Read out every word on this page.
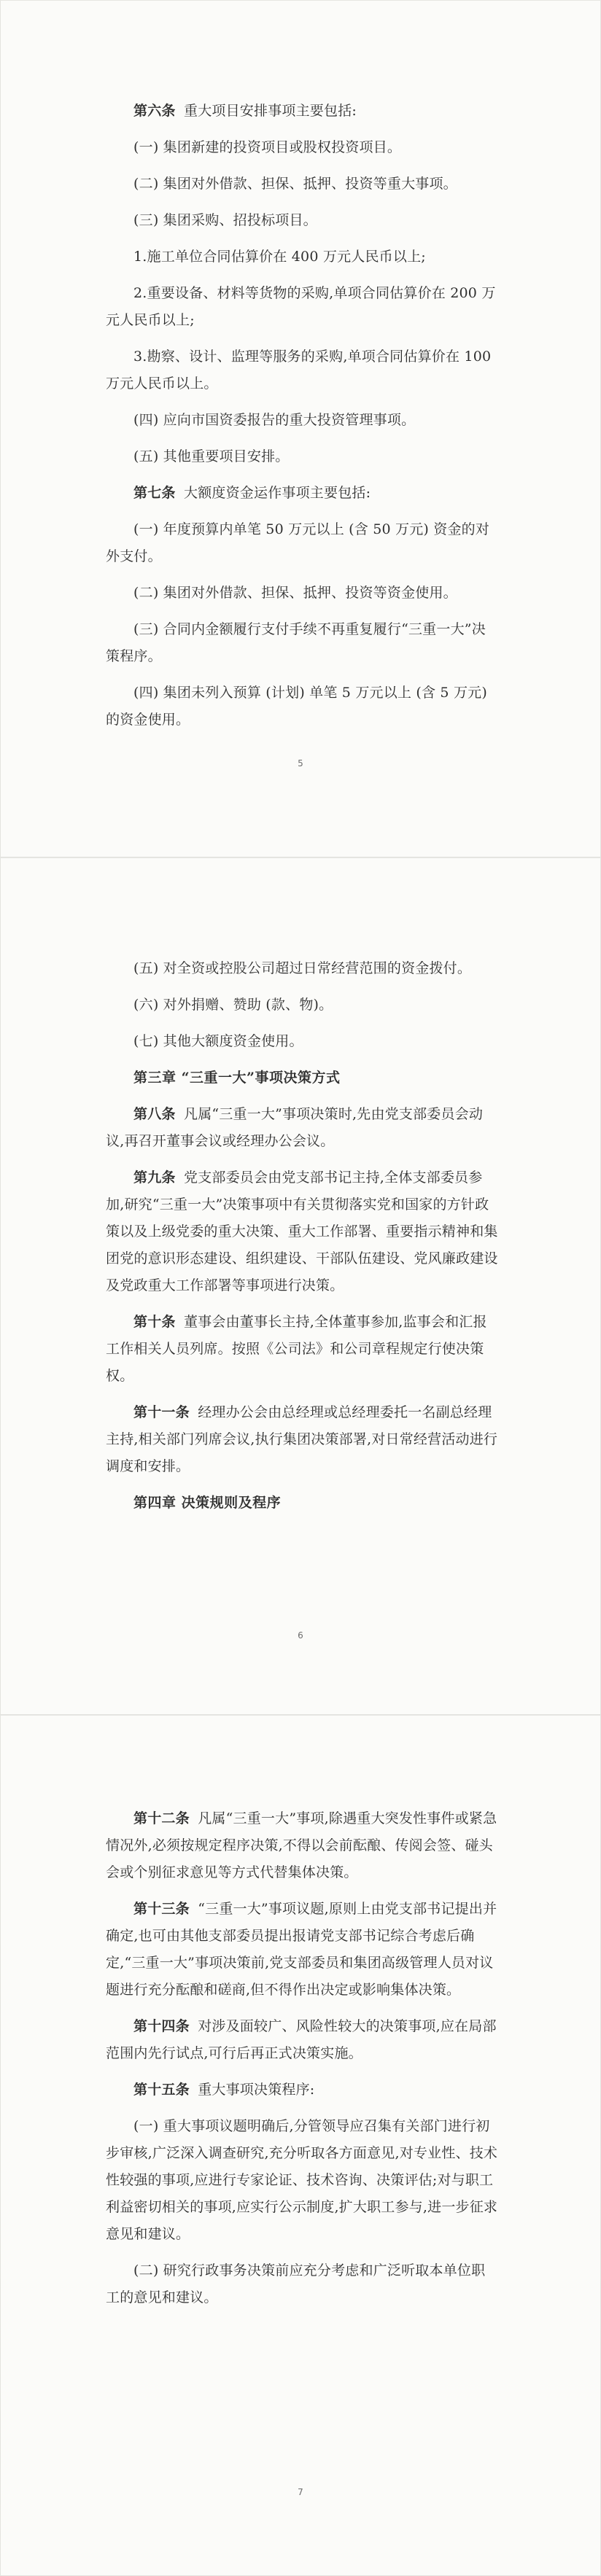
第六条 重大项目安排事项主要包括:

(一) 集团新建的投资项目或股权投资项目。

(二) 集团对外借款、担保、抵押、投资等重大事项。

(三) 集团采购、招投标项目。

1.施工单位合同估算价在 400 万元人民币以上;

2.重要设备、材料等货物的采购,单项合同估算价在 200 万元人民币以上;

3.勘察、设计、监理等服务的采购,单项合同估算价在 100 万元人民币以上。

(四) 应向市国资委报告的重大投资管理事项。

(五) 其他重要项目安排。

第七条 大额度资金运作事项主要包括:

(一) 年度预算内单笔 50 万元以上 (含 50 万元) 资金的对外支付。

(二) 集团对外借款、担保、抵押、投资等资金使用。

(三) 合同内金额履行支付手续不再重复履行“三重一大”决策程序。

(四) 集团未列入预算 (计划) 单笔 5 万元以上 (含 5 万元) 的资金使用。

5

(五) 对全资或控股公司超过日常经营范围的资金拨付。

(六) 对外捐赠、赞助 (款、物)。

(七) 其他大额度资金使用。

第三章 “三重一大”事项决策方式

第八条 凡属“三重一大”事项决策时,先由党支部委员会动议,再召开董事会议或经理办公会议。

第九条 党支部委员会由党支部书记主持,全体支部委员参加,研究“三重一大”决策事项中有关贯彻落实党和国家的方针政策以及上级党委的重大决策、重大工作部署、重要指示精神和集团党的意识形态建设、组织建设、干部队伍建设、党风廉政建设及党政重大工作部署等事项进行决策。

第十条 董事会由董事长主持,全体董事参加,监事会和汇报工作相关人员列席。按照《公司法》和公司章程规定行使决策权。

第十一条 经理办公会由总经理或总经理委托一名副总经理主持,相关部门列席会议,执行集团决策部署,对日常经营活动进行调度和安排。

第四章 决策规则及程序

6

第十二条 凡属“三重一大”事项,除遇重大突发性事件或紧急情况外,必须按规定程序决策,不得以会前酝酿、传阅会签、碰头会或个别征求意见等方式代替集体决策。

第十三条 “三重一大”事项议题,原则上由党支部书记提出并确定,也可由其他支部委员提出报请党支部书记综合考虑后确定,“三重一大”事项决策前,党支部委员和集团高级管理人员对议题进行充分酝酿和磋商,但不得作出决定或影响集体决策。

第十四条 对涉及面较广、风险性较大的决策事项,应在局部范围内先行试点,可行后再正式决策实施。

第十五条 重大事项决策程序:

(一) 重大事项议题明确后,分管领导应召集有关部门进行初步审核,广泛深入调查研究,充分听取各方面意见,对专业性、技术性较强的事项,应进行专家论证、技术咨询、决策评估;对与职工利益密切相关的事项,应实行公示制度,扩大职工参与,进一步征求意见和建议。

(二) 研究行政事务决策前应充分考虑和广泛听取本单位职工的意见和建议。

7
